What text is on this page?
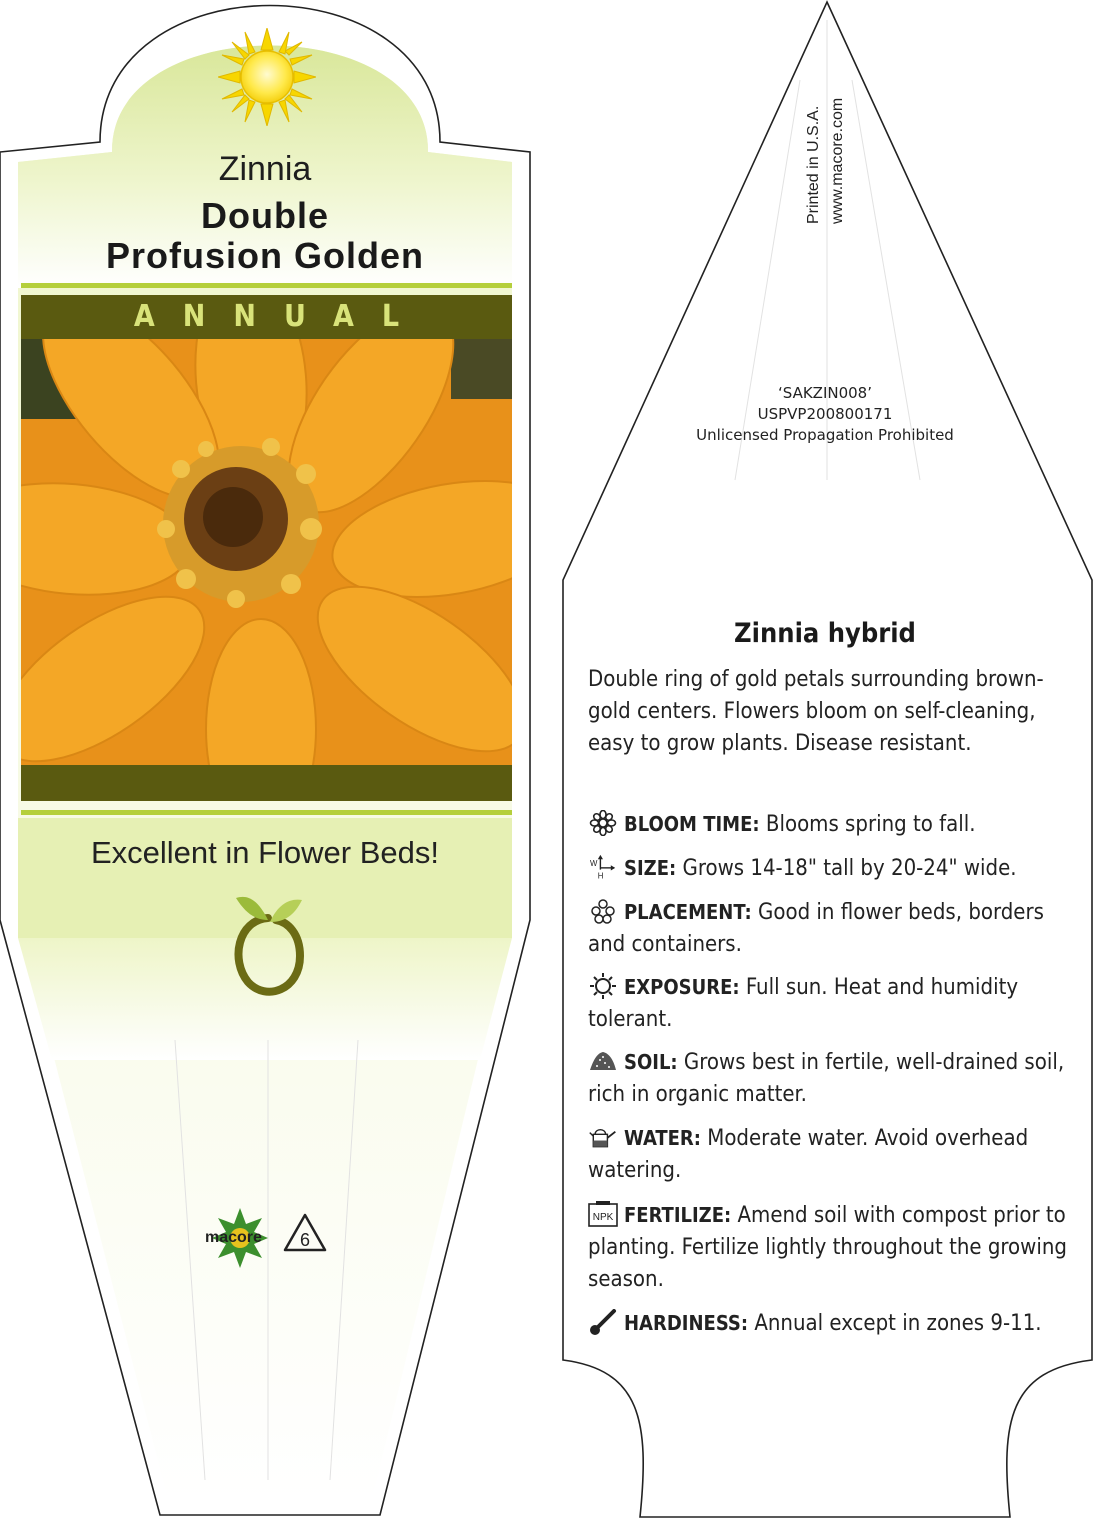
Zinnia
Double
Profusion Golden
ANNUAL
Excellent in Flower Beds!
macore 6
Printed in U.S.A. www.macore.com
‘SAKZIN008’
USPVP200800171
Unlicensed Propagation Prohibited
Zinnia hybrid
Double ring of gold petals surrounding brown-gold centers. Flowers bloom on self-cleaning, easy to grow plants. Disease resistant.
BLOOM TIME: Blooms spring to fall.
W
H SIZE: Grows 14-18" tall by 20-24" wide.
PLACEMENT: Good in flower beds, borders and containers.
EXPOSURE: Full sun. Heat and humidity tolerant.
SOIL: Grows best in fertile, well-drained soil, rich in organic matter.
WATER: Moderate water. Avoid overhead watering.
NPK FERTILIZE: Amend soil with compost prior to planting. Fertilize lightly throughout the growing season.
HARDINESS: Annual except in zones 9-11.
